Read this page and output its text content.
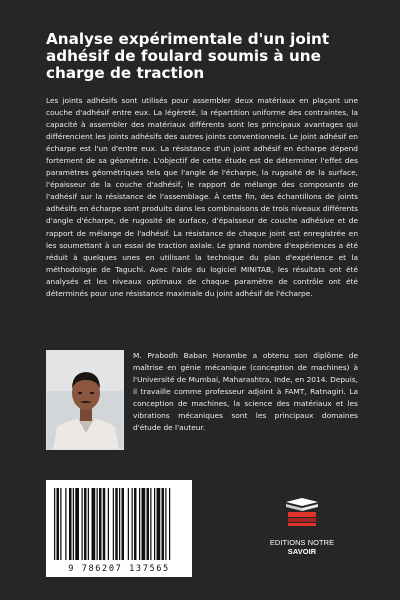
Analyse expérimentale d'un joint adhésif de foulard soumis à une charge de traction

Les joints adhésifs sont utilisés pour assembler deux matériaux en plaçant une couche d'adhésif entre eux. La légèreté, la répartition uniforme des contraintes, la capacité à assembler des matériaux différents sont les principaux avantages qui différencient les joints adhésifs des autres joints conventionnels. Le joint adhésif en écharpe est l'un d'entre eux. La résistance d'un joint adhésif en écharpe dépend fortement de sa géométrie. L'objectif de cette étude est de déterminer l'effet des paramètres géométriques tels que l'angle de l'écharpe, la rugosité de la surface, l'épaisseur de la couche d'adhésif, le rapport de mélange des composants de l'adhésif sur la résistance de l'assemblage. À cette fin, des échantillons de joints adhésifs en écharpe sont produits dans les combinaisons de trois niveaux différents d'angle d'écharpe, de rugosité de surface, d'épaisseur de couche adhésive et de rapport de mélange de l'adhésif. La résistance de chaque joint est enregistrée en les soumettant à un essai de traction axiale. Le grand nombre d'expériences a été réduit à quelques unes en utilisant la technique du plan d'expérience et la méthodologie de Taguchi. Avec l'aide du logiciel MINITAB, les résultats ont été analysés et les niveaux optimaux de chaque paramètre de contrôle ont été déterminés pour une résistance maximale du joint adhésif de l'écharpe.

M. Prabodh Baban Horambe a obtenu son diplôme de maîtrise en génie mécanique (conception de machines) à l'Université de Mumbai, Maharashtra, Inde, en 2014. Depuis, il travaille comme professeur adjoint à FAMT, Ratnagiri. La conception de machines, la science des matériaux et les vibrations mécaniques sont les principaux domaines d'étude de l'auteur.
9 786207 137565
EDITIONS NOTRE SAVOIR
